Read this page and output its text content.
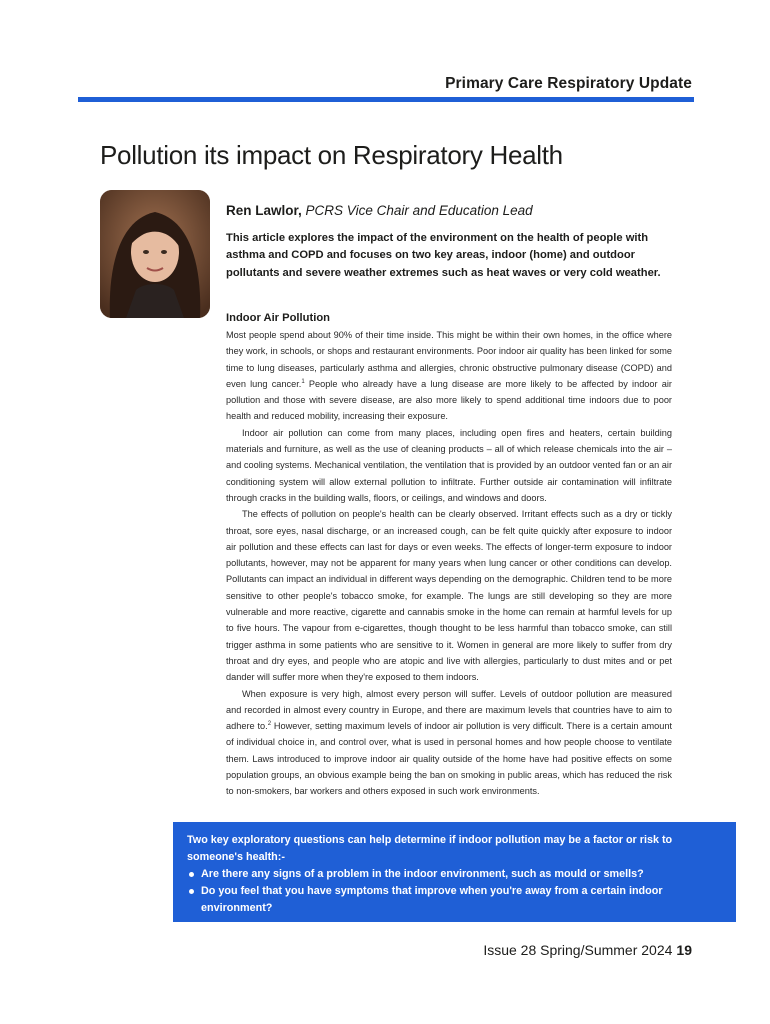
Primary Care Respiratory Update
Pollution its impact on Respiratory Health
Ren Lawlor, PCRS Vice Chair and Education Lead

This article explores the impact of the environment on the health of people with asthma and COPD and focuses on two key areas, indoor (home) and outdoor pollutants and severe weather extremes such as heat waves or very cold weather.

Indoor Air Pollution

Most people spend about 90% of their time inside. This might be within their own homes, in the office where they work, in schools, or shops and restaurant environments. Poor indoor air quality has been linked for some time to lung diseases, particularly asthma and allergies, chronic obstructive pulmonary disease (COPD) and even lung cancer.$^1$ People who already have a lung disease are more likely to be affected by indoor air pollution and those with severe disease, are also more likely to spend additional time indoors due to poor health and reduced mobility, increasing their exposure.

Indoor air pollution can come from many places, including open fires and heaters, certain building materials and furniture, as well as the use of cleaning products – all of which release chemicals into the air – and cooling systems. Mechanical ventilation, the ventilation that is provided by an outdoor vented fan or an air conditioning system will allow external pollution to infiltrate. Further outside air contamination will infiltrate through cracks in the building walls, floors, or ceilings, and windows and doors.

The effects of pollution on people's health can be clearly observed. Irritant effects such as a dry or tickly throat, sore eyes, nasal discharge, or an increased cough, can be felt quite quickly after exposure to indoor air pollution and these effects can last for days or even weeks. The effects of longer-term exposure to indoor pollutants, however, may not be apparent for many years when lung cancer or other conditions can develop. Pollutants can impact an individual in different ways depending on the demographic. Children tend to be more sensitive to other people's tobacco smoke, for example. The lungs are still developing so they are more vulnerable and more reactive, cigarette and cannabis smoke in the home can remain at harmful levels for up to five hours. The vapour from e-cigarettes, though thought to be less harmful than tobacco smoke, can still trigger asthma in some patients who are sensitive to it. Women in general are more likely to suffer from dry throat and dry eyes, and people who are atopic and live with allergies, particularly to dust mites and or pet dander will suffer more when they're exposed to them indoors.

When exposure is very high, almost every person will suffer. Levels of outdoor pollution are measured and recorded in almost every country in Europe, and there are maximum levels that countries have to aim to adhere to.$^2$ However, setting maximum levels of indoor air pollution is very difficult. There is a certain amount of individual choice in, and control over, what is used in personal homes and how people choose to ventilate them. Laws introduced to improve indoor air quality outside of the home have had positive effects on some population groups, an obvious example being the ban on smoking in public areas, which has reduced the risk to non-smokers, bar workers and others exposed in such work environments.

Two key exploratory questions can help determine if indoor pollution may be a factor or risk to someone's health:-
Are there any signs of a problem in the indoor environment, such as mould or smells?
Do you feel that you have symptoms that improve when you're away from a certain indoor environment?
Issue 28 Spring/Summer 2024 19
